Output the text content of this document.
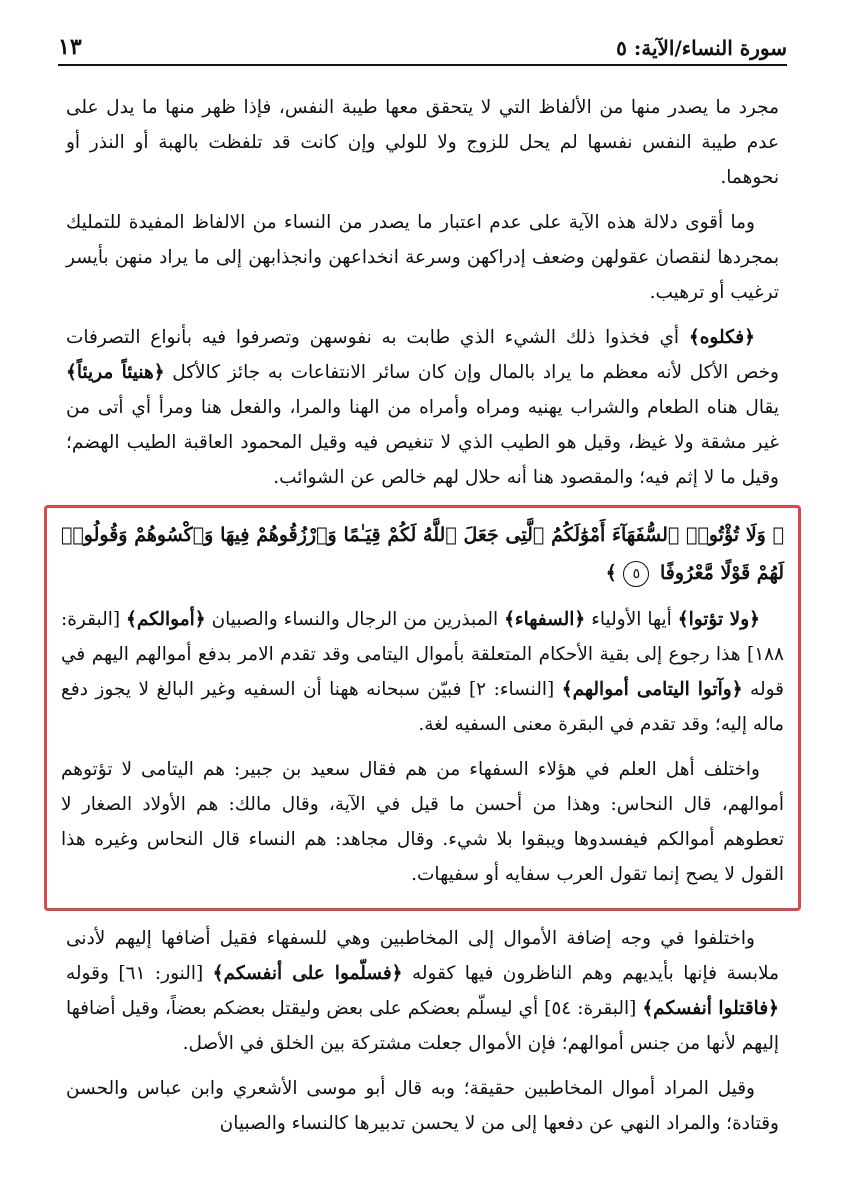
سورة النساء/الآية: ٥
١٣

مجرد ما يصدر منها من الألفاظ التي لا يتحقق معها طيبة النفس، فإذا ظهر منها ما يدل على عدم طيبة النفس نفسها لم يحل للزوج ولا للولي وإن كانت قد تلفظت بالهبة أو النذر أو نحوهما.

وما أقوى دلالة هذه الآية على عدم اعتبار ما يصدر من النساء من الالفاظ المفيدة للتمليك بمجردها لنقصان عقولهن وضعف إدراكهن وسرعة انخداعهن وانجذابهن إلى ما يراد منهن بأيسر ترغيب أو ترهيب.

﴿فكلوه﴾ أي فخذوا ذلك الشيء الذي طابت به نفوسهن وتصرفوا فيه بأنواع التصرفات وخص الأكل لأنه معظم ما يراد بالمال وإن كان سائر الانتفاعات به جائز كالأكل ﴿هنيئاً مريئاً﴾ يقال هناه الطعام والشراب يهنيه ومراه وأمراه من الهنا والمرا، والفعل هنا ومرأ أي أتى من غير مشقة ولا غيظ، وقيل هو الطيب الذي لا تنغيص فيه وقيل المحمود العاقبة الطيب الهضم؛ وقيل ما لا إثم فيه؛ والمقصود هنا أنه حلال لهم خالص عن الشوائب.

﴿ وَلَا تُؤْتُوا۟ ٱلسُّفَهَآءَ أَمْوَٰلَكُمُ ٱلَّتِى جَعَلَ ٱللَّهُ لَكُمْ قِيَـٰمًا وَٱرْزُقُوهُمْ فِيهَا وَٱكْسُوهُمْ وَقُولُوا۟ لَهُمْ قَوْلًا مَّعْرُوفًا ٥ ﴾

﴿ولا تؤتوا﴾ أيها الأولياء ﴿السفهاء﴾ المبذرين من الرجال والنساء والصبيان ﴿أموالكم﴾ [البقرة: ١٨٨] هذا رجوع إلى بقية الأحكام المتعلقة بأموال اليتامى وقد تقدم الامر بدفع أموالهم اليهم في قوله ﴿وآتوا اليتامى أموالهم﴾ [النساء: ٢] فبيّن سبحانه ههنا أن السفيه وغير البالغ لا يجوز دفع ماله إليه؛ وقد تقدم في البقرة معنى السفيه لغة.

واختلف أهل العلم في هؤلاء السفهاء من هم فقال سعيد بن جبير: هم اليتامى لا تؤتوهم أموالهم، قال النحاس: وهذا من أحسن ما قيل في الآية، وقال مالك: هم الأولاد الصغار لا تعطوهم أموالكم فيفسدوها ويبقوا بلا شيء. وقال مجاهد: هم النساء قال النحاس وغيره هذا القول لا يصح إنما تقول العرب سفايه أو سفيهات.

واختلفوا في وجه إضافة الأموال إلى المخاطبين وهي للسفهاء فقيل أضافها إليهم لأدنى ملابسة فإنها بأيديهم وهم الناظرون فيها كقوله ﴿فسلّموا على أنفسكم﴾ [النور: ٦١] وقوله ﴿فاقتلوا أنفسكم﴾ [البقرة: ٥٤] أي ليسلّم بعضكم على بعض وليقتل بعضكم بعضاً، وقيل أضافها إليهم لأنها من جنس أموالهم؛ فإن الأموال جعلت مشتركة بين الخلق في الأصل.

وقيل المراد أموال المخاطبين حقيقة؛ وبه قال أبو موسى الأشعري وابن عباس والحسن وقتادة؛ والمراد النهي عن دفعها إلى من لا يحسن تدبيرها كالنساء والصبيان
